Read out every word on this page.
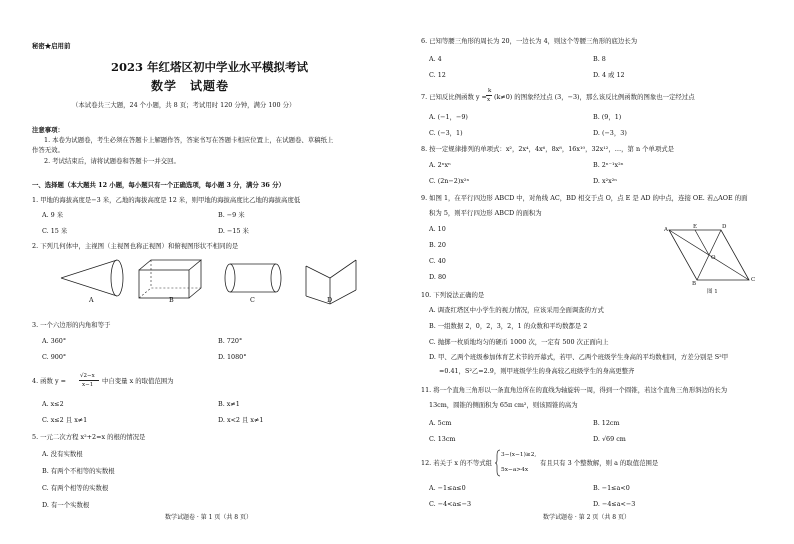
秘密★启用前
2023 年红塔区初中学业水平模拟考试
数学　试题卷
（本试卷共三大题，24 个小题，共 8 页；考试用时 120 分钟，满分 100 分）
注意事项：
1. 本卷为试题卷，考生必须在答题卡上解题作答，答案书写在答题卡相应位置上，在试题卷、草稿纸上
作答无效。
2. 考试结束后，请将试题卷和答题卡一并交回。
一、选择题（本大题共 12 小题，每小题只有一个正确选项，每小题 3 分，满分 36 分）
1. 甲地的海拔高度是−3 米，乙地的海拔高度是 12 米，则甲地的海拔高度比乙地的海拔高度低
A. 9 米	B. −9 米
C. 15 米	D. −15 米
2. 下列几何体中，主视图（主视图也称正视图）和俯视图形状不相同的是
A	B	C	D
3. 一个六边形的内角和等于
A. 360°	B. 720°
C. 900°	D. 1080°
4. 函数 y =
√2−x
x−1 中自变量 x 的取值范围为
A. x≤2	B. x≠1
C. x≤2 且 x≠1	D. x<2 且 x≠1
5. 一元二次方程 x²+2=x 的根的情况是
A. 没有实数根
B. 有两个不相等的实数根
C. 有两个相等的实数根
D. 有一个实数根
数学试题卷 · 第 1 页（共 8 页）
6. 已知等腰三角形的周长为 20，一边长为 4，则这个等腰三角形的底边长为
A. 4	B. 8
C. 12	D. 4 或 12
7. 已知反比例函数 y =
k
x (k≠0) 的图象经过点 (3，−3)，那么该反比例函数的图象也一定经过点
A. (−1，−9)	B. (9，1)
C. (−3，1)	D. (−3，3)
8. 按一定规律排列的单项式：x²，2x⁴，4x⁶，8x⁸，16x¹⁰，32x¹²，…，第 n 个单项式是
A. 2ⁿxⁿ	B. 2ⁿ⁻¹x²ⁿ
C. (2n−2)x²ⁿ	D. x²x²ⁿ
9. 如图 1，在平行四边形 ABCD 中，对角线 AC，BD 相交于点 O，点 E 是 AD 的中点，连接 OE. 若△AOE 的面
积为 5，则平行四边形 ABCD 的面积为
A. 10
B. 20
C. 40
D. 80
A	E	D
O
B
C
图 1
10. 下列说法正确的是
A. 调查红塔区中小学生的视力情况，应该采用全面调查的方式
B. 一组数据 2，0，2，3，2，1 的众数和平均数都是 2
C. 抛掷一枚质地均匀的硬币 1000 次，一定有 500 次正面向上
D. 甲、乙两个班级参加体育艺术节的开幕式，若甲、乙两个班级学生身高的平均数相同，方差分别是 S²甲
=0.41，S²乙=2.9，则甲班级学生的身高较乙班级学生的身高更整齐
11. 将一个直角三角形以一条直角边所在的直线为轴旋转一周，得到一个圆锥，若这个直角三角形斜边的长为
13cm，圆锥的侧面积为 65π cm²，则该圆锥的高为
A. 5cm	B. 12cm
C. 13cm	D. √69 cm
12. 若关于 x 的不等式组
3−(x−1)≥2,
5x−a>4x
有且只有 3 个整数解，则 a 的取值范围是
A. −1≤a≤0	B. −1≤a<0
C. −4<a≤−3	D. −4≤a<−3
数学试题卷 · 第 2 页（共 8 页）
